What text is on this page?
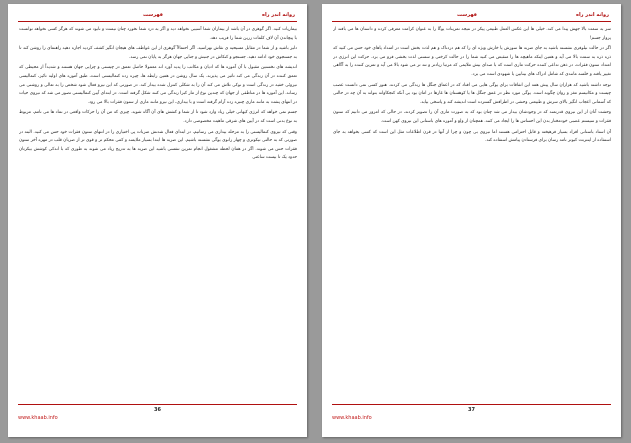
روانه اندر راه
فهرست

بیماریات کنید. اگر گوهری در آن باشد از بیماران شما آسیبی نخواهد دید و اگر به درد شما نخورد چنان نیست و نابود می شوند که هرگز کسی نخواهد توانست با پیچاندن آن لاف کلمات زرین شما را فریب دهد.

دلیر باشید و از شما در مقابل مسیحیه ی نقاش نهراسید. اگر احتمالاً گوهری از این عواطف های هیجان انگیز کشف کردید اجازه دهید راهنمای را روشن کند تا به جستجوی خود ادامه دهید. جستجو و کنکاش در جنبش و جنایی جهان هرگز به پایان نمی رسد.

اندیشه های نخستین مقبول با آن آموزه ها که ادیان و مکاتب را پدید آورد اند معمولا حاصل تعمق در چیستی و چرایی جهان هستند و شدیداً از محیطی که تعمق کننده در آن زندگی می کند تاثیر می پذیرند. یک سال روشن در همین رابطه ها، چیره زده کنمالیستی است، طبق آموزه های اولیه تائیز، کنمالیسی نیروئی خفیه در زندگی است و نوکی تلاش می کند آن را به شکلی کنترل شده بیدار کند. در صورتی که این نیرو فعال شود شخص را به تعالی و روشنی می رساند. این آموزه ها در مناطقی از جهان که چندین نوع از مار کبرا زندگی می کنند شکل گرفته است. در ابتدای آیین کنمالیستی تصور می شد که نیروی حیات در انتهای پشت به مانند ماری چنبره زده آرام گرفته است و با بیداری، این نیرو مانند ماری از ستون فقرات بالا می رود.

جسم نمی خواهد که انرژی کیهانی خیلی زیاد وارد شود تا از شما و کشش های آن آگاه شوید. چیزی که من آن را حرکات واقعی در نماد ها می نامم، مربوط به نوع بدنی است که در آیین های شرقی ماهیت مخصوصی دارد.

وقتی که نیروی کنمالیستی را به مرحله بیداری می رسانیم، در ابتدای فعال شدنش ضربات پی اختیاری را در انتهای ستون فقرات خود حس می کنید. البته در صورتی که به حالتی نیکوتری و چهار زانوی یوگی نشسته باشیم. این ضربه ها ابتدا بسیار ملایمند و کمی محکم تر و قوی تر از ضربان قلب در مهره آخر ستون فقرات حس می شوند. اگر در همان لحظه مشغول انجام تمرین تنفسی باشید این ضربه ها به تدریج زیاد می شوند به طوری که با اندکی کوشش بیکرتان حدود یک تا بیست ساعتی

36
www.khaab.info
روانه اندر راه
فهرست

سر به سمت بالا جهش پیدا می کند. خیلی ها این عکس العمل طبیعی پیکر در نتیجه تمرینات یوگا را به عنوان کرامت معرفی کرده و داستان ها می بافند از پرواز جسم!

اگر در حالت نیلوفری نشسته باشید به جای ضربه ها سوزش یا خارش ویژه ای را که هم دردناک و هم لذت بخش است در امتداد پاهای خود حس می کنید که ذره ذره به سمت بالا می آید و همین اینکه ماهیچه ها را منقبض می کنید شما را در حالت کرختی و سستی لذت بخشی فرو می برد. حرکت این انرژی در امتداد ستون فقرات، در ذهن تداعی کننده حرکت ماری است که با صدای بیش ملایمی که مرتبا زیادتر و تند تر می شود بالا می آید و تمرین کننده را به آگاهی تغییر یافته و خلسه مانندی که شامل ادراک های بینابین یا شهودی است می برد.

توجه داشته باشید که هزاران سال پیش همه این اتفاقات برای یوگی هایی می افتاد که در اعماق جنگل ها زندگی می کردند. هنوز کسی نمی دانست عصب چیست و مکانیسم مغز و روان چگونه است. یوگی مورد نظر در عمق جنگل ها یا کوهستان ها غارها در امان بود بی آنکه کنجکاوانه بتواند به آن چه در حالتی که آسمانی اعجاب انگیز بالای سرش و طبیعتی وحشی در اطرافش گسترده است اندیشه کند و پاسخی بیابد.

وحشت آنان از این نیروی قدرتمند که در وجودشان بیدار می شد چنان بود که به صورت ماری آن را تصویر کردند، در حالی که امروز می دانیم که ستون فقرات و سیستم عصبی خودمختار بدن این احساس ها را ایجاد می کنند. همچنان از ولع و آموزه های باستانی این نیروی کهن است.

آن استاد باستانی افراد بسیار فرهیخته و قابل احترامی هستند اما نیروی بی چون و چرا از آنها در قرن اطلاعات مثل این است که کسی بخواهد به جای استفاده از اینترنت کبوتر نامه رسان برای فرستادن پیامش استفاده کند.

37
www.khaab.info
